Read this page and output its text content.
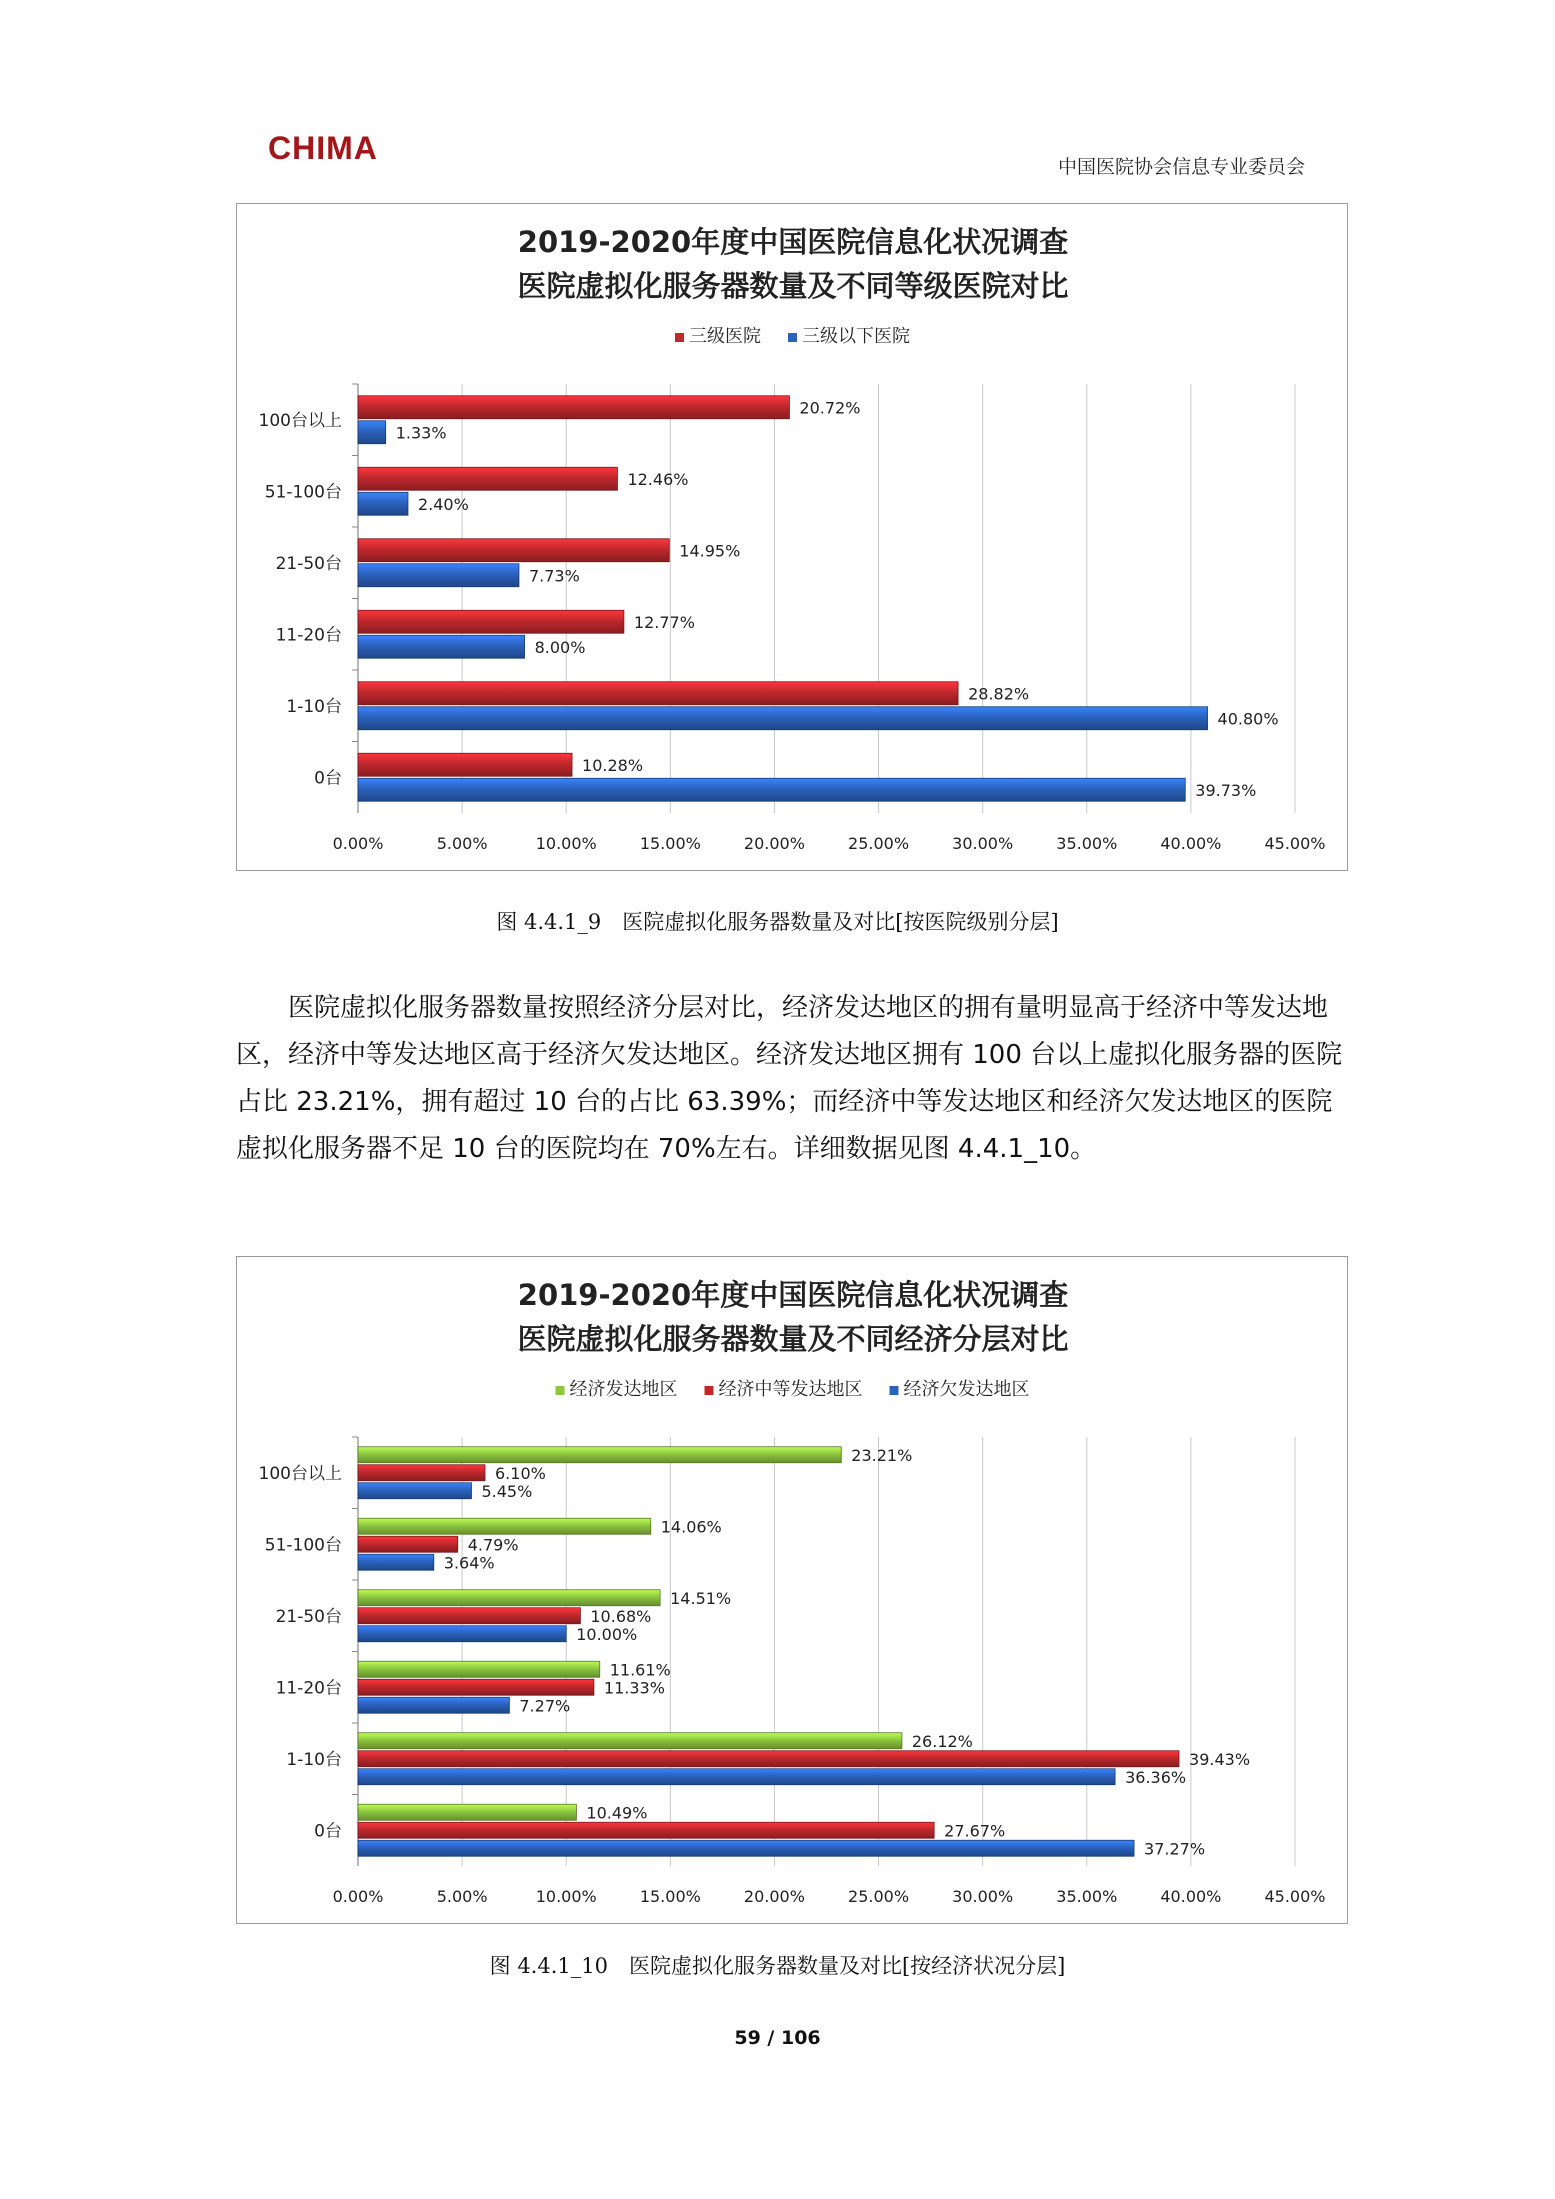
CHIMA
中国医院协会信息专业委员会
2019-2020年度中国医院信息化状况调查
医院虚拟化服务器数量及不同等级医院对比
三级医院 三级以下医院
0.00%	5.00%	10.00%	15.00%	20.00%	25.00%	30.00%	35.00%	40.00%	45.00%
100台以上
20.72%
1.33%
51-100台
12.46%
2.40%
21-50台
14.95%
7.73%
11-20台
12.77%
8.00%
1-10台
28.82%
40.80%
0台
10.28%
39.73%
图 4.4.1_9　医院虚拟化服务器数量及对比[按医院级别分层]

医院虚拟化服务器数量按照经济分层对比，经济发达地区的拥有量明显高于经济中等发达地区，经济中等发达地区高于经济欠发达地区。经济发达地区拥有 100 台以上虚拟化服务器的医院占比 23.21%，拥有超过 10 台的占比 63.39%；而经济中等发达地区和经济欠发达地区的医院虚拟化服务器不足 10 台的医院均在 70%左右。详细数据见图 4.4.1_10。

2019-2020年度中国医院信息化状况调查
医院虚拟化服务器数量及不同经济分层对比
经济发达地区 经济中等发达地区 经济欠发达地区
0.00%	5.00%	10.00%	15.00%	20.00%	25.00%	30.00%	35.00%	40.00%	45.00%
100台以上
23.21%
6.10%
5.45%
51-100台
14.06%
4.79%
3.64%
21-50台
14.51%
10.68%
10.00%
11-20台
11.61%
11.33%
7.27%
1-10台
26.12%
39.43%
36.36%
0台
10.49%
27.67%
37.27%
图 4.4.1_10　医院虚拟化服务器数量及对比[按经济状况分层]
59 / 106
